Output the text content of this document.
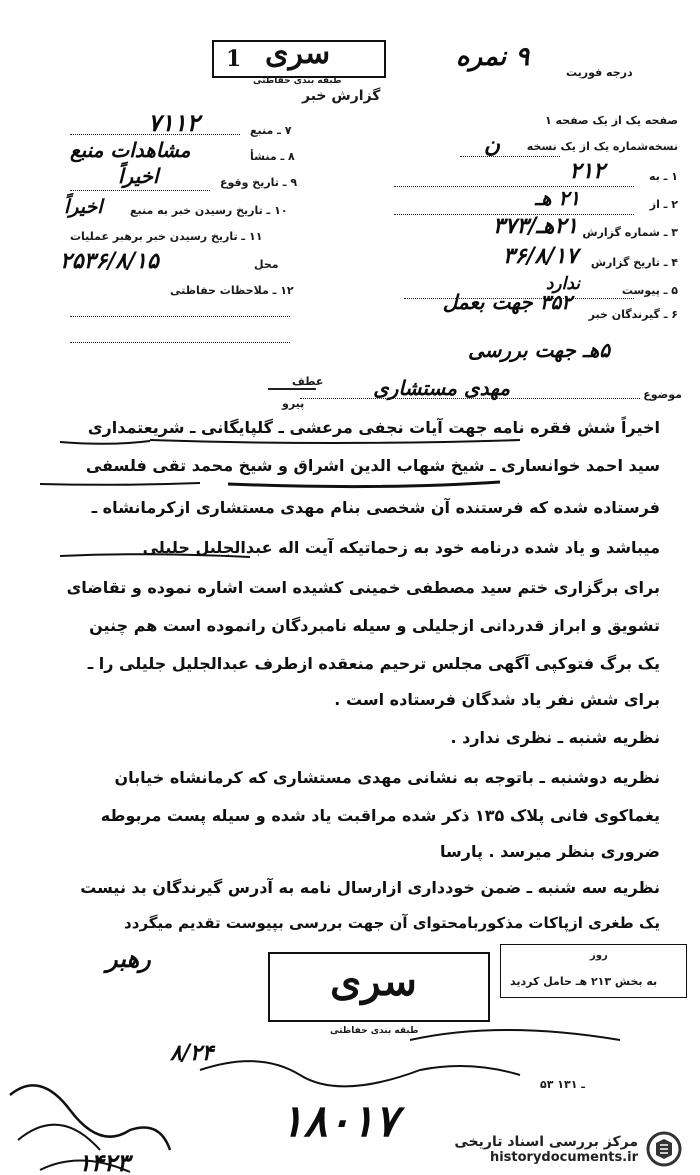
سری
1
طبقه بندی حفاظتی
گزارش خبر
درجه فوریت
۹ نمره
صفحه یک از یک صفحه ۱
نسخه‌شماره یک از یک نسخه
ن
۱ ـ به
۲۱۲
۲ ـ از
۲۱ هـ
۳ ـ شماره گزارش
۲۱هـ/۳۷۳
۴ ـ تاریخ گزارش
۳۶/۸/۱۷
۵ ـ پیوست
ندارد
۶ ـ گیرندگان خبر
۳۵۲ جهت بعمل
۵هـ جهت بررسی
۷ ـ منبع
۷۱۱۲
۸ ـ منشأ
مشاهدات منبع
۹ ـ تاریخ وقوع
اخیراً
۱۰ ـ تاریخ رسیدن خبر به منبع
اخیراً
۱۱ ـ تاریخ رسیدن خبر برهبر عملیات
محل
۲۵۳۶/۸/۱۵
۱۲ ـ ملاحظات حفاظتی
موضوع
مهدی مستشاری
عطف
پیرو
اخیراً شش فقره نامه جهت آیات نجفی مرعشی ـ گلپایگانی ـ شریعتمداری
سید احمد خوانساری ـ شیخ شهاب الدین اشراق و شیخ محمد تقی فلسفی
فرستاده شده که فرستنده آن شخصی بنام مهدی مستشاری ازکرمانشاه ـ
میباشد و یاد شده درنامه خود به زحماتیکه آیت اله عبدالجلیل جلیلی
برای برگزاری ختم سید مصطفی خمینی کشیده است اشاره نموده و تقاضای
تشویق و ابراز قدردانی ازجلیلی و سیله نامبردگان رانموده است هم چنین
یک برگ فتوکپی آگهی مجلس ترحیم منعقده ازطرف عبدالجلیل جلیلی را ـ
برای شش نفر یاد شدگان فرستاده است .
نظریه شنبه ـ نظری ندارد .
نظریه دوشنبه ـ باتوجه به نشانی مهدی مستشاری که کرمانشاه خیابان
یغماکوی فانی پلاک ۱۳۵ ذکر شده مراقبت یاد شده و سیله پست مربوطه
ضروری بنظر میرسد . پارسا
نظریه سه شنبه ـ ضمن خودداری ازارسال نامه به آدرس گیرندگان بد نیست
یک طغری ازپاکات مذکوربامحتوای آن جهت بررسی بپیوست تقدیم میگردد
رهبر	روز
به بخش ۲۱۳ هـ حامل کردید
سری
طبقه بندی حفاظتی
۸/۲۴
۱۸۰۱۷
۱۴۲۳
۵۳ ـ ۱۳۱
مرکز بررسی اسناد تاریخی
historydocuments.ir
